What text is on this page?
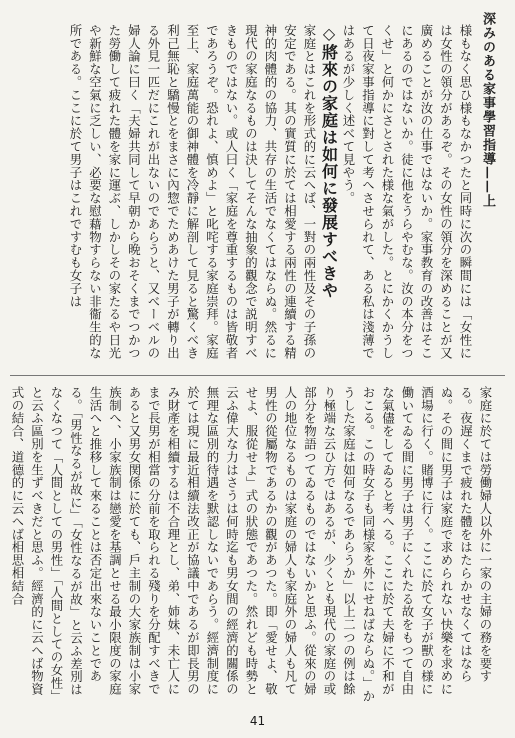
深みのある家事學習指導——上

様もなく思ひ様もなかつたと同時に次の瞬間には「女性には女性の領分があるぞ。その女性の領分を深めることが又廣めることが汝の仕事ではないか。家事教育の改善はそこにあるのではないか。徒に他をうらやむな。汝の本分をつくせ」と何かにさとされた様な氣がした。とにかくかうして日夜家事指導に對して考へさせられて、ある私は淺薄ではあるが少しく述べて見やう。

◇將來の家庭は如何に發展すべきや

家庭とはこれを形式的に云へば、一對の兩性及その子孫の安定である。其の實質に於ては相愛する兩性の連續する精神的肉體的の協力、共存の生活でなくてはならぬ。然るに現代の家庭なるものは決してそんな抽象的觀念で説明すべきものではない。或人曰く「家庭を尊重するものは皆敬者であろうぞ。恐れよ、慎めよ」と叱咤する家庭崇拜。家庭至上、家庭萬能の御神體を冷靜に解剖して見ると驚くべき利己無恥と驕慢とをまさに內惣でためあけた男子が轉り出る外見一匹だにこれが出ないのであらうと、又べーベルの婦人論に曰く「夫婦共同して早朝から晩おそくまでつかつた勞働して疲れた體を家に運ぶ、しかしその家たるや日光や新鮮な空氣に乏しい、必要な慰藉物すらない非衞生的な所である。ここに於て男子はこれですむも女子は

家庭に於ては勞働婦人以外に一家の主婦の務を要する。夜遅くまで疲れた體をはたらかせなくてはならぬ。その間に男子は家庭で求められない快樂を求めに酒場に行く。賭博に行く。ここに於て女子が獸の様に働いてゐる間に男子は男子にくれたる故をもつて自由な氣儘をしてゐると考へる。ここに於て夫婦に不和がおこる。この時女子も同様家を外にせねばならぬ。」かうした家庭は如何なるであらうか」以上二つの例は餘り極端な云ひ方ではあるが、少くとも現代の家庭の或部分を物語つてゐるものではないかと思ふ。從來の婦人の地位なるものは家庭の婦人も家庭外の婦人も凡て男性の從屬物であるかの觀があつた。即「愛せよ、敬せよ、服從せよ」式の狀態であつた。然れども時勢と云ふ偉大な力はさうは何時迄も男女間の經濟的關係の無理な區別的待遇を默認しないであらう。經濟制度に於ては現に最近相續法改正が協議中であるが即長男のみ財產を相續するは不合理とし、弟、姉妹、未亡人にまで長男が相當の分前を取られる殘りを分配すべきであると又男女関係に於ても、戶主制の大家族制は小家族制へ、小家族制は戀愛を基調とせる最小限度の家庭生活へと推移して來ることは否定出來ないことである。「男性なるが故に」「女性なるが故」と云ふ差別はなくなつて「人間としての男性」「人間としての女性」と云ふ區別を生ずべきだと思ふ。經濟的に云へば物資式の結合、道德的に云へば相思相結合

41
